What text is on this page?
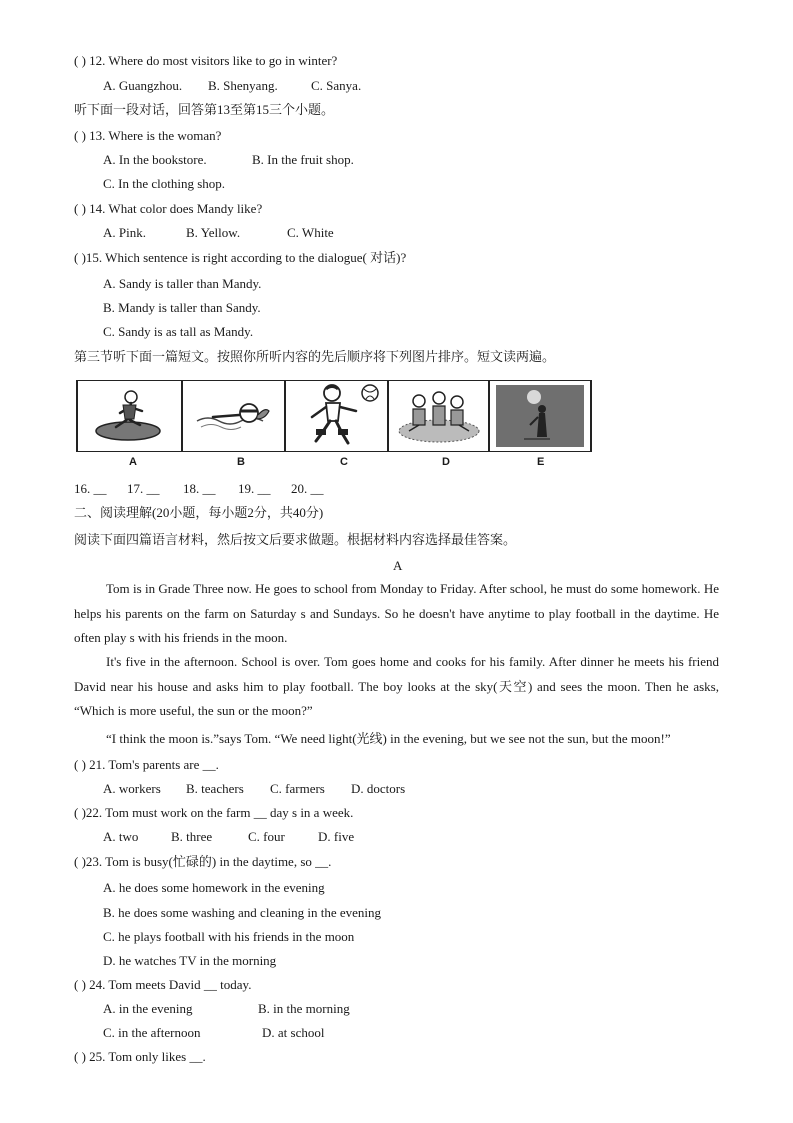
( ) 12. Where do most visitors like to go in winter?
A. Guangzhou. B. Shenyang.	C. Sanya.
听下面一段对话，回答第13至第15三个小题。
( ) 13. Where is the woman?
A. In the bookstore.	B. In the fruit shop.
C. In the clothing shop.
( ) 14. What color does Mandy like?
A. Pink.	B. Yellow.	C. White
( )15. Which sentence is right according to the dialogue( 对话)?
A. Sandy is taller than Mandy.
B. Mandy is taller than Sandy.
C. Sandy is as tall as Mandy.
第三节听下面一篇短文。按照你所听内容的先后顺序将下列图片排序。短文读两遍。
A	B	C	D	E
16. __ 17. __ 18. __ 19. __ 20. __
二、阅读理解(20小题，每小题2分，共40分)
阅读下面四篇语言材料，然后按文后要求做题。根据材料内容选择最佳答案。
A
Tom is in Grade Three now. He goes to school from Monday to Friday. After school, he must do some homework. He helps his parents on the farm on Saturday s and Sundays. So he doesn't have anytime to play football in the daytime. He often play s with his friends in the moon.
It's five in the afternoon. School is over. Tom goes home and cooks for his family. After dinner he meets his friend David near his house and asks him to play football. The boy looks at the sky(天空) and sees the moon. Then he asks, “Which is more useful, the sun or the moon?”
“I think the moon is.”says Tom. “We need light(光线) in the evening, but we see not the sun, but the moon!”
( ) 21. Tom's parents are __.
A. workers B. teachers C. farmers D. doctors
( )22. Tom must work on the farm __ day s in a week.
A. two	B. three	C. four	D. five
( )23. Tom is busy(忙碌的) in the daytime, so __.
A. he does some homework in the evening
B. he does some washing and cleaning in the evening
C. he plays football with his friends in the moon
D. he watches TV in the morning
( ) 24. Tom meets David __ today.
A. in the evening	B. in the morning
C. in the afternoon	D. at school
( ) 25. Tom only likes __.
